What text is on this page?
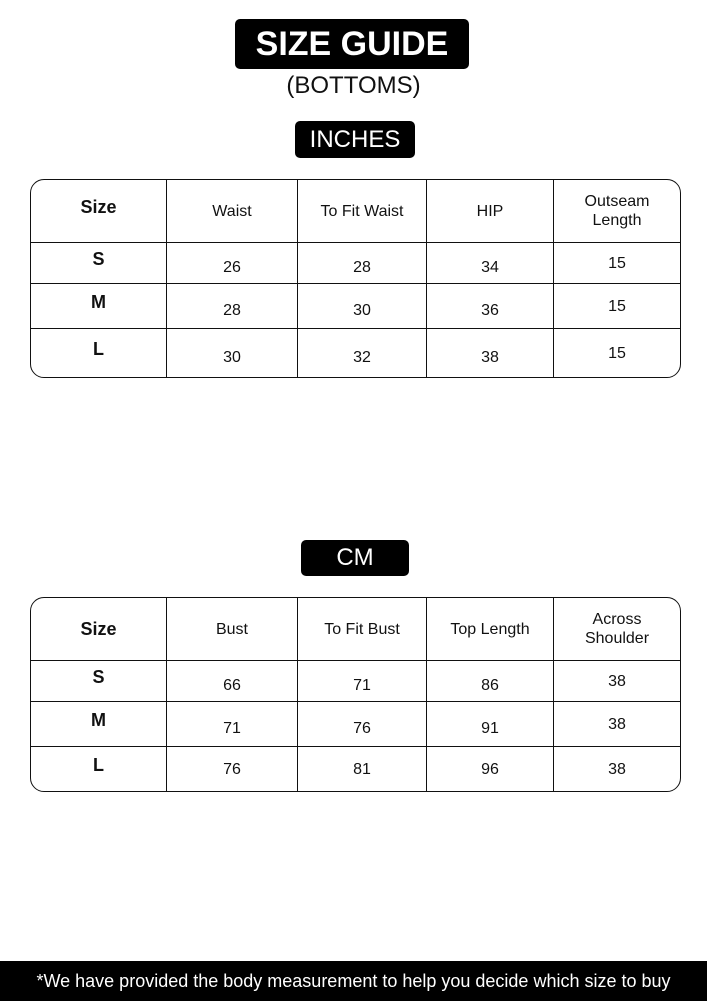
SIZE GUIDE
(BOTTOMS)
INCHES
Size	Waist	To Fit Waist	HIP	Outseam Length
S	26	28	34	15
M	28	30	36	15
L	30	32	38	15
CM
Size	Bust	To Fit Bust	Top Length	Across Shoulder
S	66	71	86	38
M	71	76	91	38
L	76	81	96	38
*We have provided the body measurement to help you decide which size to buy
